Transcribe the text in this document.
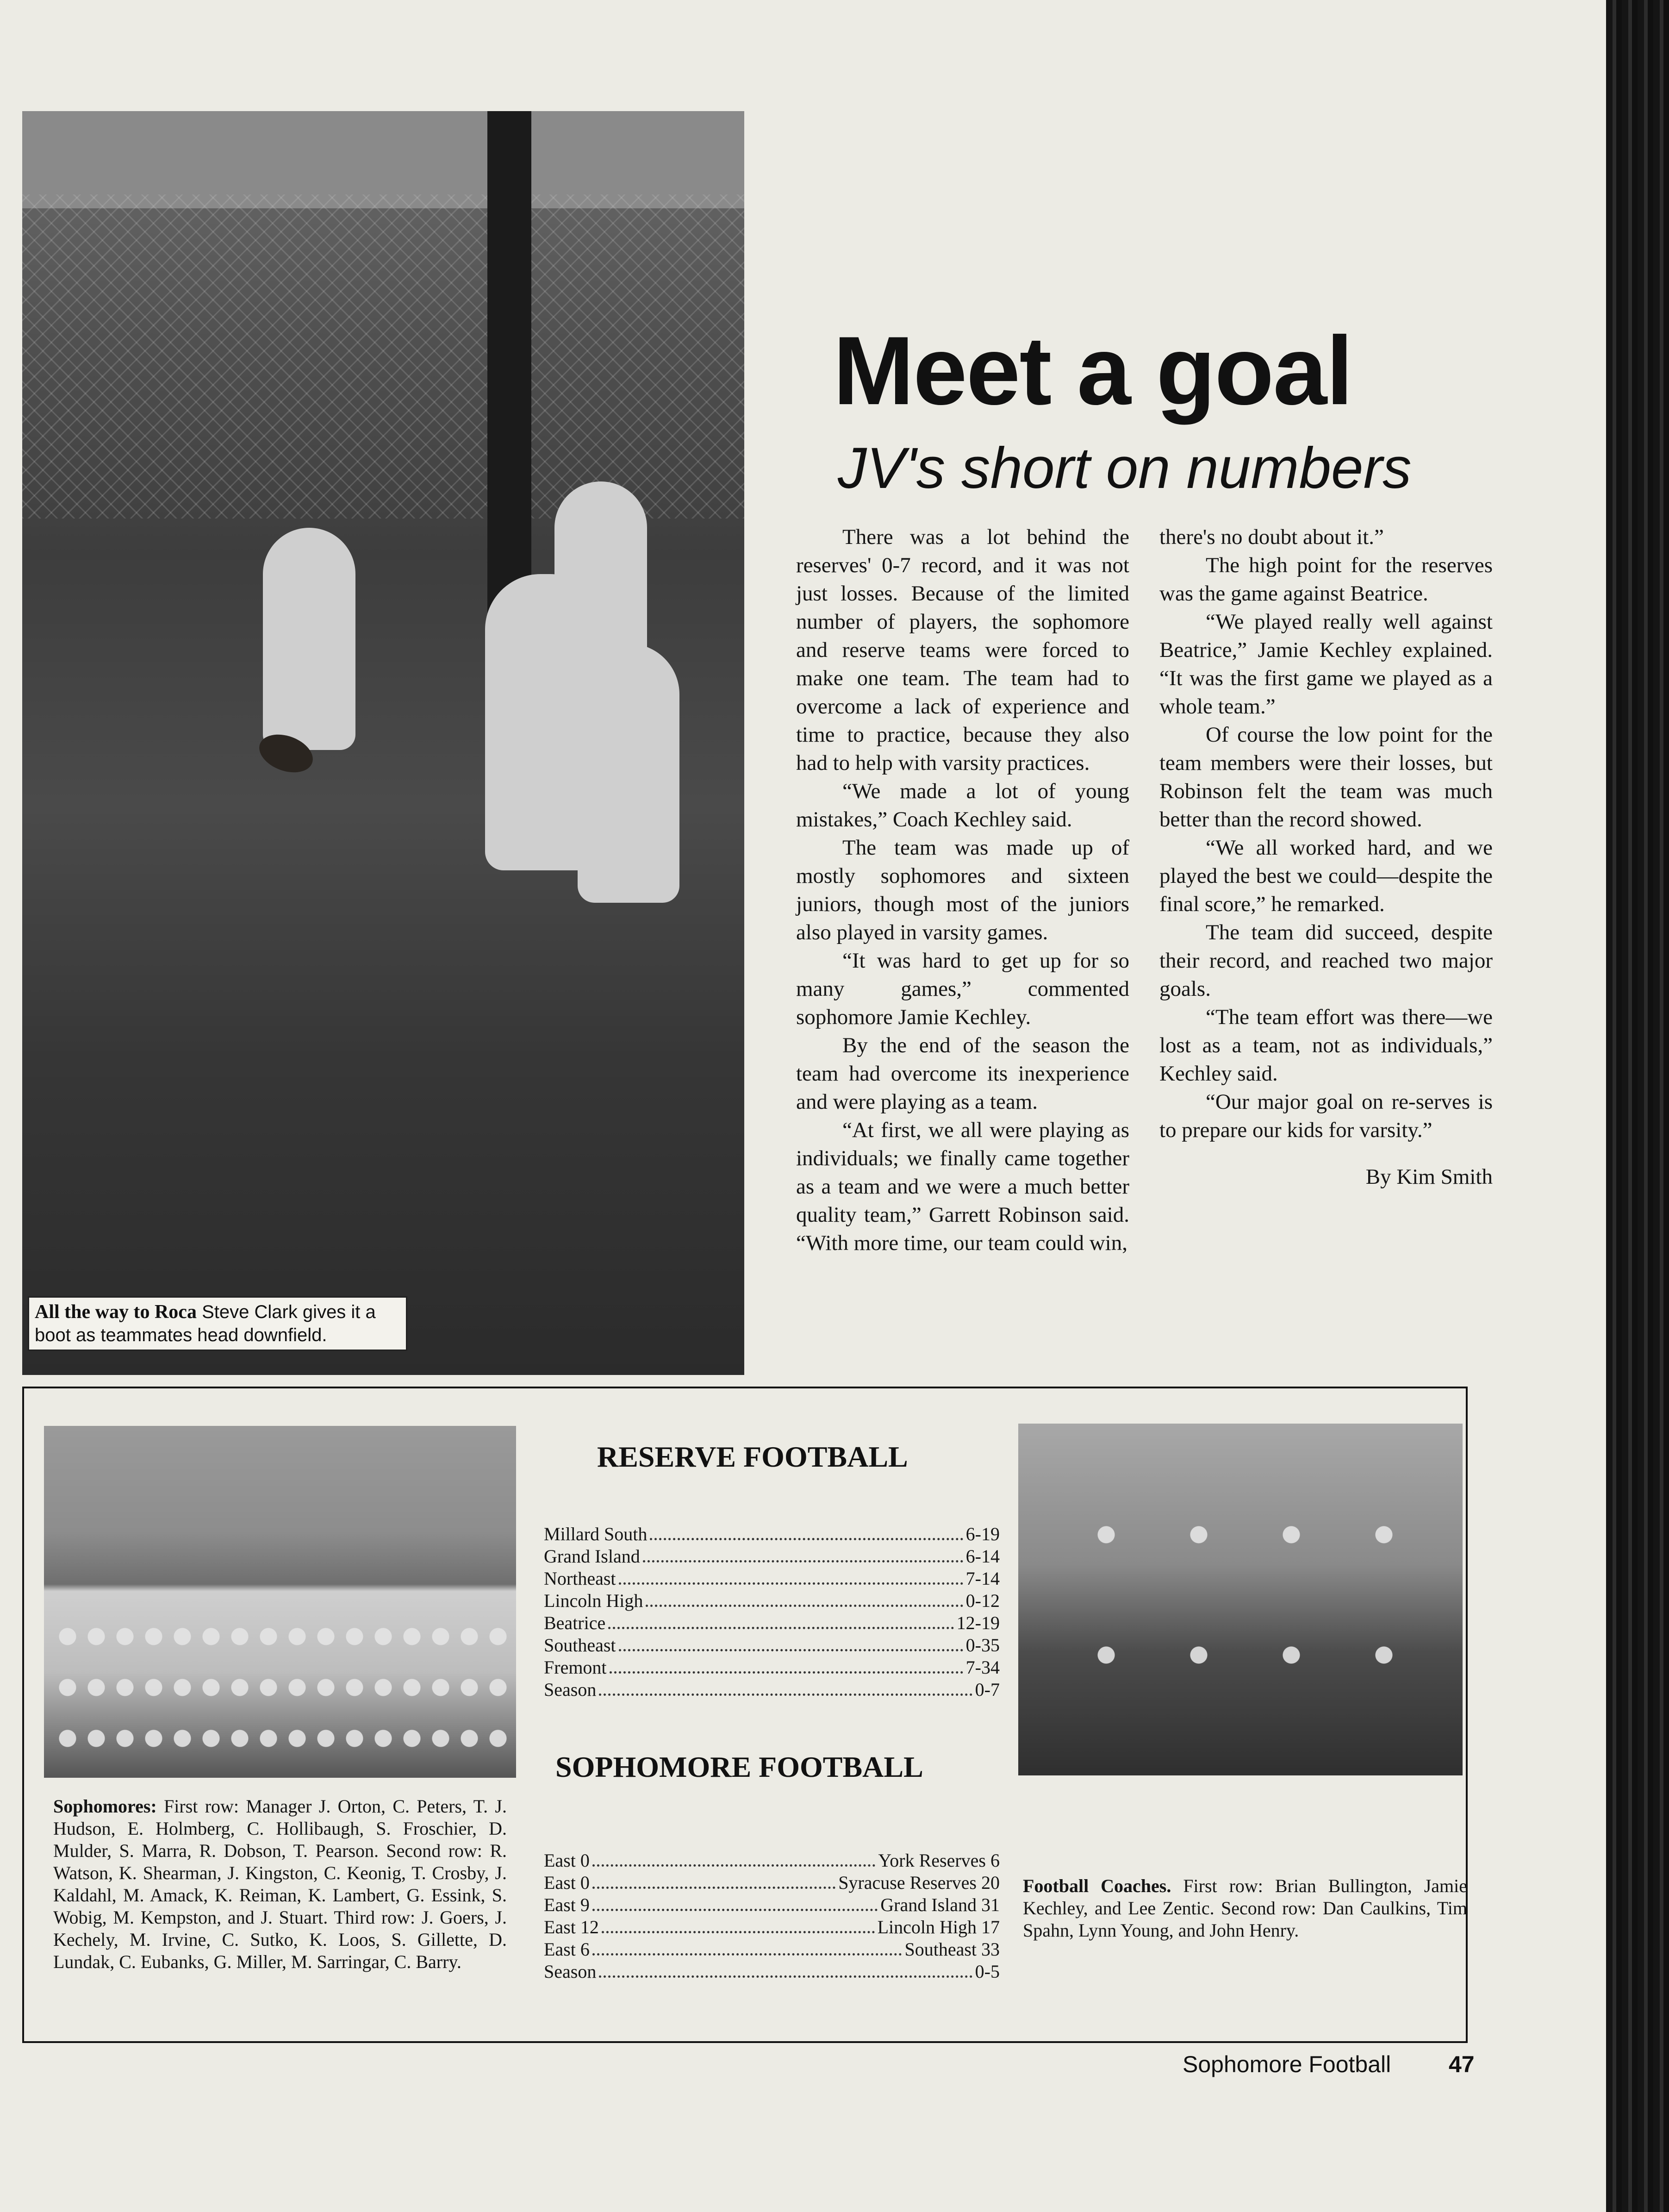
All the way to Roca Steve Clark gives it a boot as teammates head downfield.
Meet a goal
JV's short on numbers

There was a lot behind the reserves' 0-7 record, and it was not just losses. Because of the limited number of players, the sophomore and reserve teams were forced to make one team. The team had to overcome a lack of experience and time to practice, because they also had to help with varsity practices.

“We made a lot of young mistakes,” Coach Kechley said.

The team was made up of mostly sophomores and sixteen juniors, though most of the juniors also played in varsity games.

“It was hard to get up for so many games,” commented sophomore Jamie Kechley.

By the end of the season the team had overcome its inexperience and were playing as a team.

“At first, we all were playing as individuals; we finally came together as a team and we were a much better quality team,” Garrett Robinson said. “With more time, our team could win,

there's no doubt about it.”

The high point for the reserves was the game against Beatrice.

“We played really well against Beatrice,” Jamie Kechley explained. “It was the first game we played as a whole team.”

Of course the low point for the team members were their losses, but Robinson felt the team was much better than the record showed.

“We all worked hard, and we played the best we could—despite the final score,” he remarked.

The team did succeed, despite their record, and reached two major goals.

“The team effort was there—we lost as a team, not as individuals,” Kechley said.

“Our major goal on re-serves is to prepare our kids for varsity.”

By Kim Smith

RESERVE FOOTBALL
Millard South	6-19
Grand Island	6-14
Northeast	7-14
Lincoln High	0-12
Beatrice	12-19
Southeast	0-35
Fremont	7-34
Season	0-7
SOPHOMORE FOOTBALL
East 0	York Reserves 6
East 0	Syracuse Reserves 20
East 9	Grand Island 31
East 12	Lincoln High 17
East 6	Southeast 33
Season	0-5
Sophomores: First row: Manager J. Orton, C. Peters, T. J. Hudson, E. Holmberg, C. Hollibaugh, S. Froschier, D. Mulder, S. Marra, R. Dobson, T. Pearson. Second row: R. Watson, K. Shearman, J. Kingston, C. Keonig, T. Crosby, J. Kaldahl, M. Amack, K. Reiman, K. Lambert, G. Essink, S. Wobig, M. Kempston, and J. Stuart. Third row: J. Goers, J. Kechely, M. Irvine, C. Sutko, K. Loos, S. Gillette, D. Lundak, C. Eubanks, G. Miller, M. Sarringar, C. Barry.
Football Coaches. First row: Brian Bullington, Jamie Kechley, and Lee Zentic. Second row: Dan Caulkins, Tim Spahn, Lynn Young, and John Henry.
Sophomore Football 47
